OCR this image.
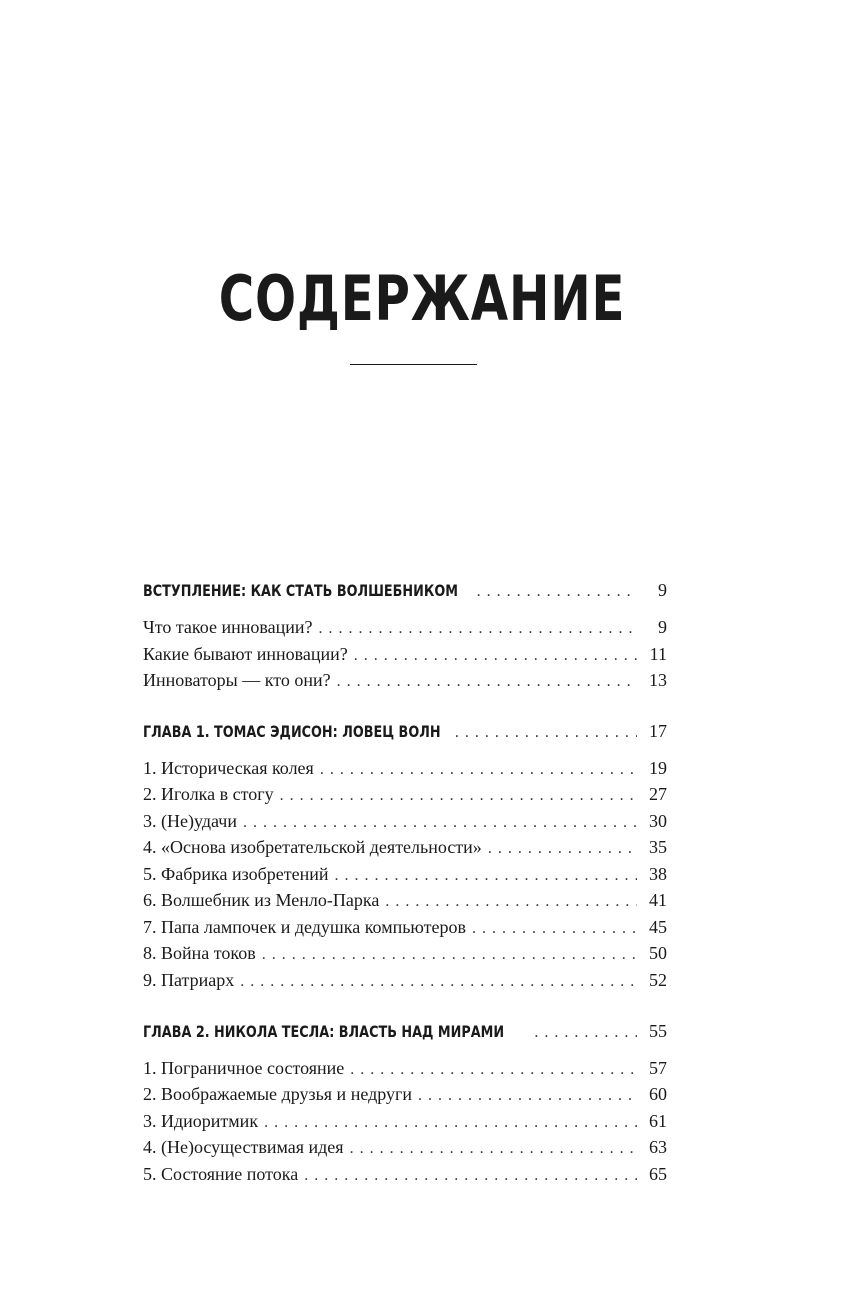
СОДЕРЖАНИЕ
ВСТУПЛЕНИЕ: КАК СТАТЬ ВОЛШЕБНИКОМ . . .	9
Что такое инновации? . . .	9
Какие бывают инновации? . . .	11
Инноваторы — кто они? . . .	13
ГЛАВА 1. ТОМАС ЭДИСОН: ЛОВЕЦ ВОЛН . . .	17
1. Историческая колея . . .	19
2. Иголка в стогу . . .	27
3. (Не)удачи . . .	30
4. «Основа изобретательской деятельности» . . .	35
5. Фабрика изобретений . . .	38
6. Волшебник из Менло-Парка . . .	41
7. Папа лампочек и дедушка компьютеров . . .	45
8. Война токов . . .	50
9. Патриарх . . .	52
ГЛАВА 2. НИКОЛА ТЕСЛА: ВЛАСТЬ НАД МИРАМИ . . .	55
1. Пограничное состояние . . .	57
2. Воображаемые друзья и недруги . . .	60
3. Идиоритмик . . .	61
4. (Не)осуществимая идея . . .	63
5. Состояние потока . . .	65
